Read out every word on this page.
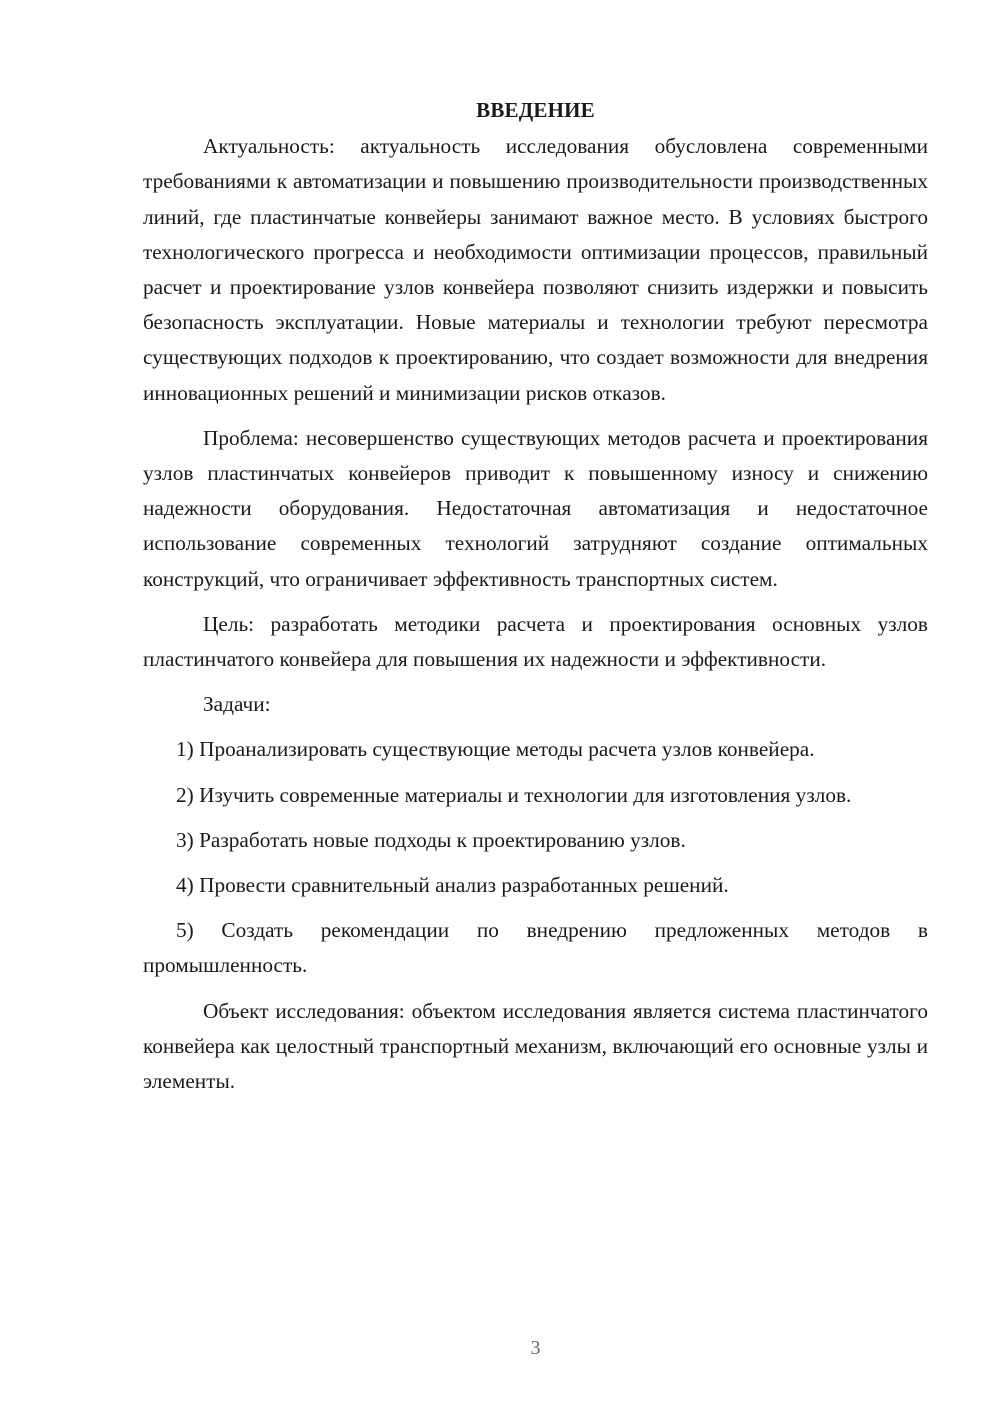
ВВЕДЕНИЕ

Актуальность: актуальность исследования обусловлена современными требованиями к автоматизации и повышению производительности производственных линий, где пластинчатые конвейеры занимают важное место. В условиях быстрого технологического прогресса и необходимости оптимизации процессов, правильный расчет и проектирование узлов конвейера позволяют снизить издержки и повысить безопасность эксплуатации. Новые материалы и технологии требуют пересмотра существующих подходов к проектированию, что создает возможности для внедрения инновационных решений и минимизации рисков отказов.

Проблема: несовершенство существующих методов расчета и проектирования узлов пластинчатых конвейеров приводит к повышенному износу и снижению надежности оборудования. Недостаточная автоматизация и недостаточное использование современных технологий затрудняют создание оптимальных конструкций, что ограничивает эффективность транспортных систем.

Цель: разработать методики расчета и проектирования основных узлов пластинчатого конвейера для повышения их надежности и эффективности.

Задачи:

1) Проанализировать существующие методы расчета узлов конвейера.

2) Изучить современные материалы и технологии для изготовления узлов.

3) Разработать новые подходы к проектированию узлов.

4) Провести сравнительный анализ разработанных решений.

5) Создать рекомендации по внедрению предложенных методов в промышленность.

Объект исследования: объектом исследования является система пластинчатого конвейера как целостный транспортный механизм, включающий его основные узлы и элементы.

3
